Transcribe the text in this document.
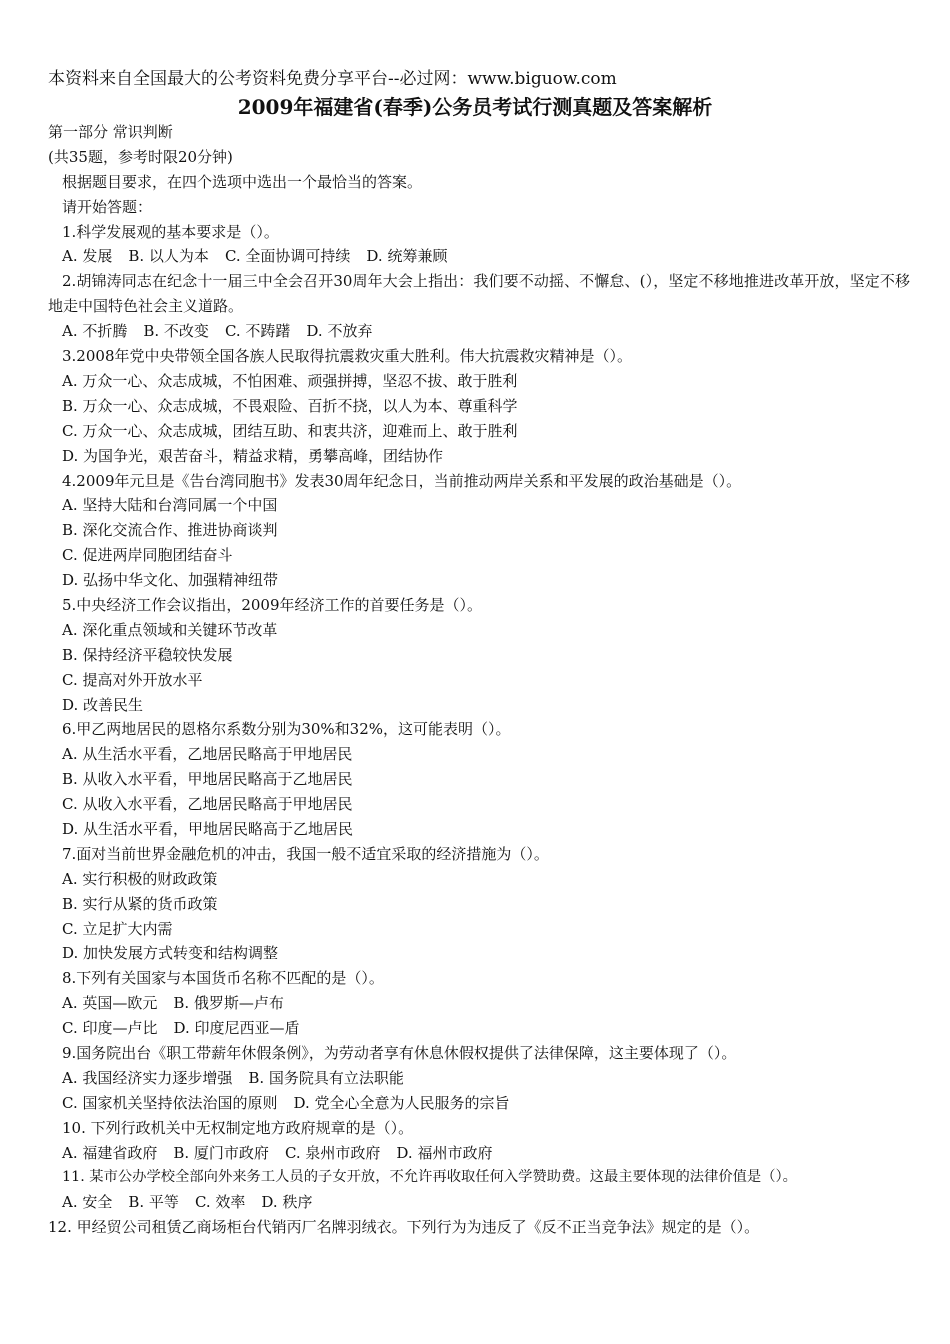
本资料来自全国最大的公考资料免费分享平台--必过网：www.biguow.com
2009年福建省(春季)公务员考试行测真题及答案解析
第一部分 常识判断
(共35题，参考时限20分钟)
根据题目要求，在四个选项中选出一个最恰当的答案。
请开始答题：
1.科学发展观的基本要求是（）。
A. 发展 B. 以人为本 C. 全面协调可持续 D. 统筹兼顾
2.胡锦涛同志在纪念十一届三中全会召开30周年大会上指出：我们要不动摇、不懈怠、(），坚定不移地推进改革开放，坚定不移地走中国特色社会主义道路。
A. 不折腾 B. 不改变 C. 不踌躇 D. 不放弃
3.2008年党中央带领全国各族人民取得抗震救灾重大胜利。伟大抗震救灾精神是（）。
A. 万众一心、众志成城，不怕困难、顽强拼搏，坚忍不拔、敢于胜利
B. 万众一心、众志成城，不畏艰险、百折不挠，以人为本、尊重科学
C. 万众一心、众志成城，团结互助、和衷共济，迎难而上、敢于胜利
D. 为国争光，艰苦奋斗，精益求精，勇攀高峰，团结协作
4.2009年元旦是《告台湾同胞书》发表30周年纪念日，当前推动两岸关系和平发展的政治基础是（）。
A. 坚持大陆和台湾同属一个中国
B. 深化交流合作、推进协商谈判
C. 促进两岸同胞团结奋斗
D. 弘扬中华文化、加强精神纽带
5.中央经济工作会议指出，2009年经济工作的首要任务是（）。
A. 深化重点领域和关键环节改革
B. 保持经济平稳较快发展
C. 提高对外开放水平
D. 改善民生
6.甲乙两地居民的恩格尔系数分别为30%和32%，这可能表明（）。
A. 从生活水平看，乙地居民略高于甲地居民
B. 从收入水平看，甲地居民略高于乙地居民
C. 从收入水平看，乙地居民略高于甲地居民
D. 从生活水平看，甲地居民略高于乙地居民
7.面对当前世界金融危机的冲击，我国一般不适宜采取的经济措施为（）。
A. 实行积极的财政政策
B. 实行从紧的货币政策
C. 立足扩大内需
D. 加快发展方式转变和结构调整
8.下列有关国家与本国货币名称不匹配的是（）。
A. 英国—欧元 B. 俄罗斯—卢布
C. 印度—卢比 D. 印度尼西亚—盾
9.国务院出台《职工带薪年休假条例》，为劳动者享有休息休假权提供了法律保障，这主要体现了（）。
A. 我国经济实力逐步增强 B. 国务院具有立法职能
C. 国家机关坚持依法治国的原则 D. 党全心全意为人民服务的宗旨
10. 下列行政机关中无权制定地方政府规章的是（）。
A. 福建省政府 B. 厦门市政府 C. 泉州市政府 D. 福州市政府
11. 某市公办学校全部向外来务工人员的子女开放，不允许再收取任何入学赞助费。这最主要体现的法律价值是（）。
A. 安全 B. 平等 C. 效率 D. 秩序
12. 甲经贸公司租赁乙商场柜台代销丙厂名牌羽绒衣。下列行为为违反了《反不正当竞争法》规定的是（）。
